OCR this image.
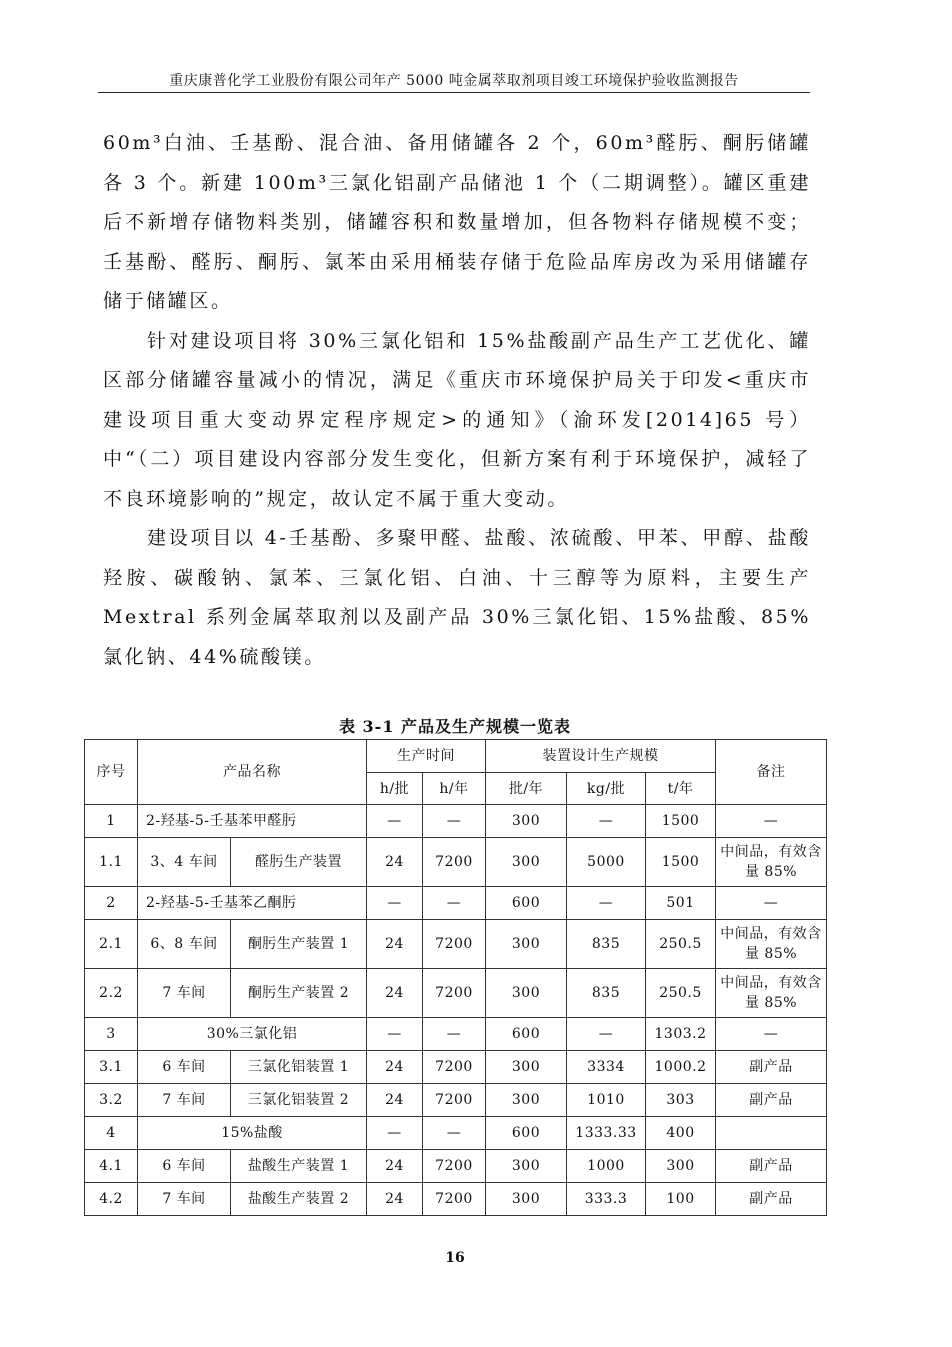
重庆康普化学工业股份有限公司年产 5000 吨金属萃取剂项目竣工环境保护验收监测报告

60m³白油、壬基酚、混合油、备用储罐各 2 个，60m³醛肟、酮肟储罐各 3 个。新建 100m³三氯化铝副产品储池 1 个（二期调整）。罐区重建后不新增存储物料类别，储罐容积和数量增加，但各物料存储规模不变；壬基酚、醛肟、酮肟、氯苯由采用桶装存储于危险品库房改为采用储罐存储于储罐区。

针对建设项目将 30%三氯化铝和 15%盐酸副产品生产工艺优化、罐区部分储罐容量减小的情况，满足《重庆市环境保护局关于印发<重庆市建设项目重大变动界定程序规定>的通知》（渝环发[2014]65 号）中“（二）项目建设内容部分发生变化，但新方案有利于环境保护，减轻了不良环境影响的”规定，故认定不属于重大变动。

建设项目以 4-壬基酚、多聚甲醛、盐酸、浓硫酸、甲苯、甲醇、盐酸羟胺、碳酸钠、氯苯、三氯化铝、白油、十三醇等为原料，主要生产 Mextral 系列金属萃取剂以及副产品 30%三氯化铝、15%盐酸、85%氯化钠、44%硫酸镁。

表 3-1 产品及生产规模一览表
序号	产品名称		生产时间		装置设计生产规模			备注
			h/批	h/年	批/年	kg/批	t/年	
1	2-羟基-5-壬基苯甲醛肟		—	—	300	—	1500	—
1.1	3、4 车间	醛肟生产装置	24	7200	300	5000	1500	中间品，有效含量 85%
2	2-羟基-5-壬基苯乙酮肟		—	—	600	—	501	—
2.1	6、8 车间	酮肟生产装置 1	24	7200	300	835	250.5	中间品，有效含量 85%
2.2	7 车间	酮肟生产装置 2	24	7200	300	835	250.5	中间品，有效含量 85%
3	30%三氯化铝		—	—	600	—	1303.2	—
3.1	6 车间	三氯化铝装置 1	24	7200	300	3334	1000.2	副产品
3.2	7 车间	三氯化铝装置 2	24	7200	300	1010	303	副产品
4	15%盐酸		—	—	600	1333.33	400	
4.1	6 车间	盐酸生产装置 1	24	7200	300	1000	300	副产品
4.2	7 车间	盐酸生产装置 2	24	7200	300	333.3	100	副产品
16
